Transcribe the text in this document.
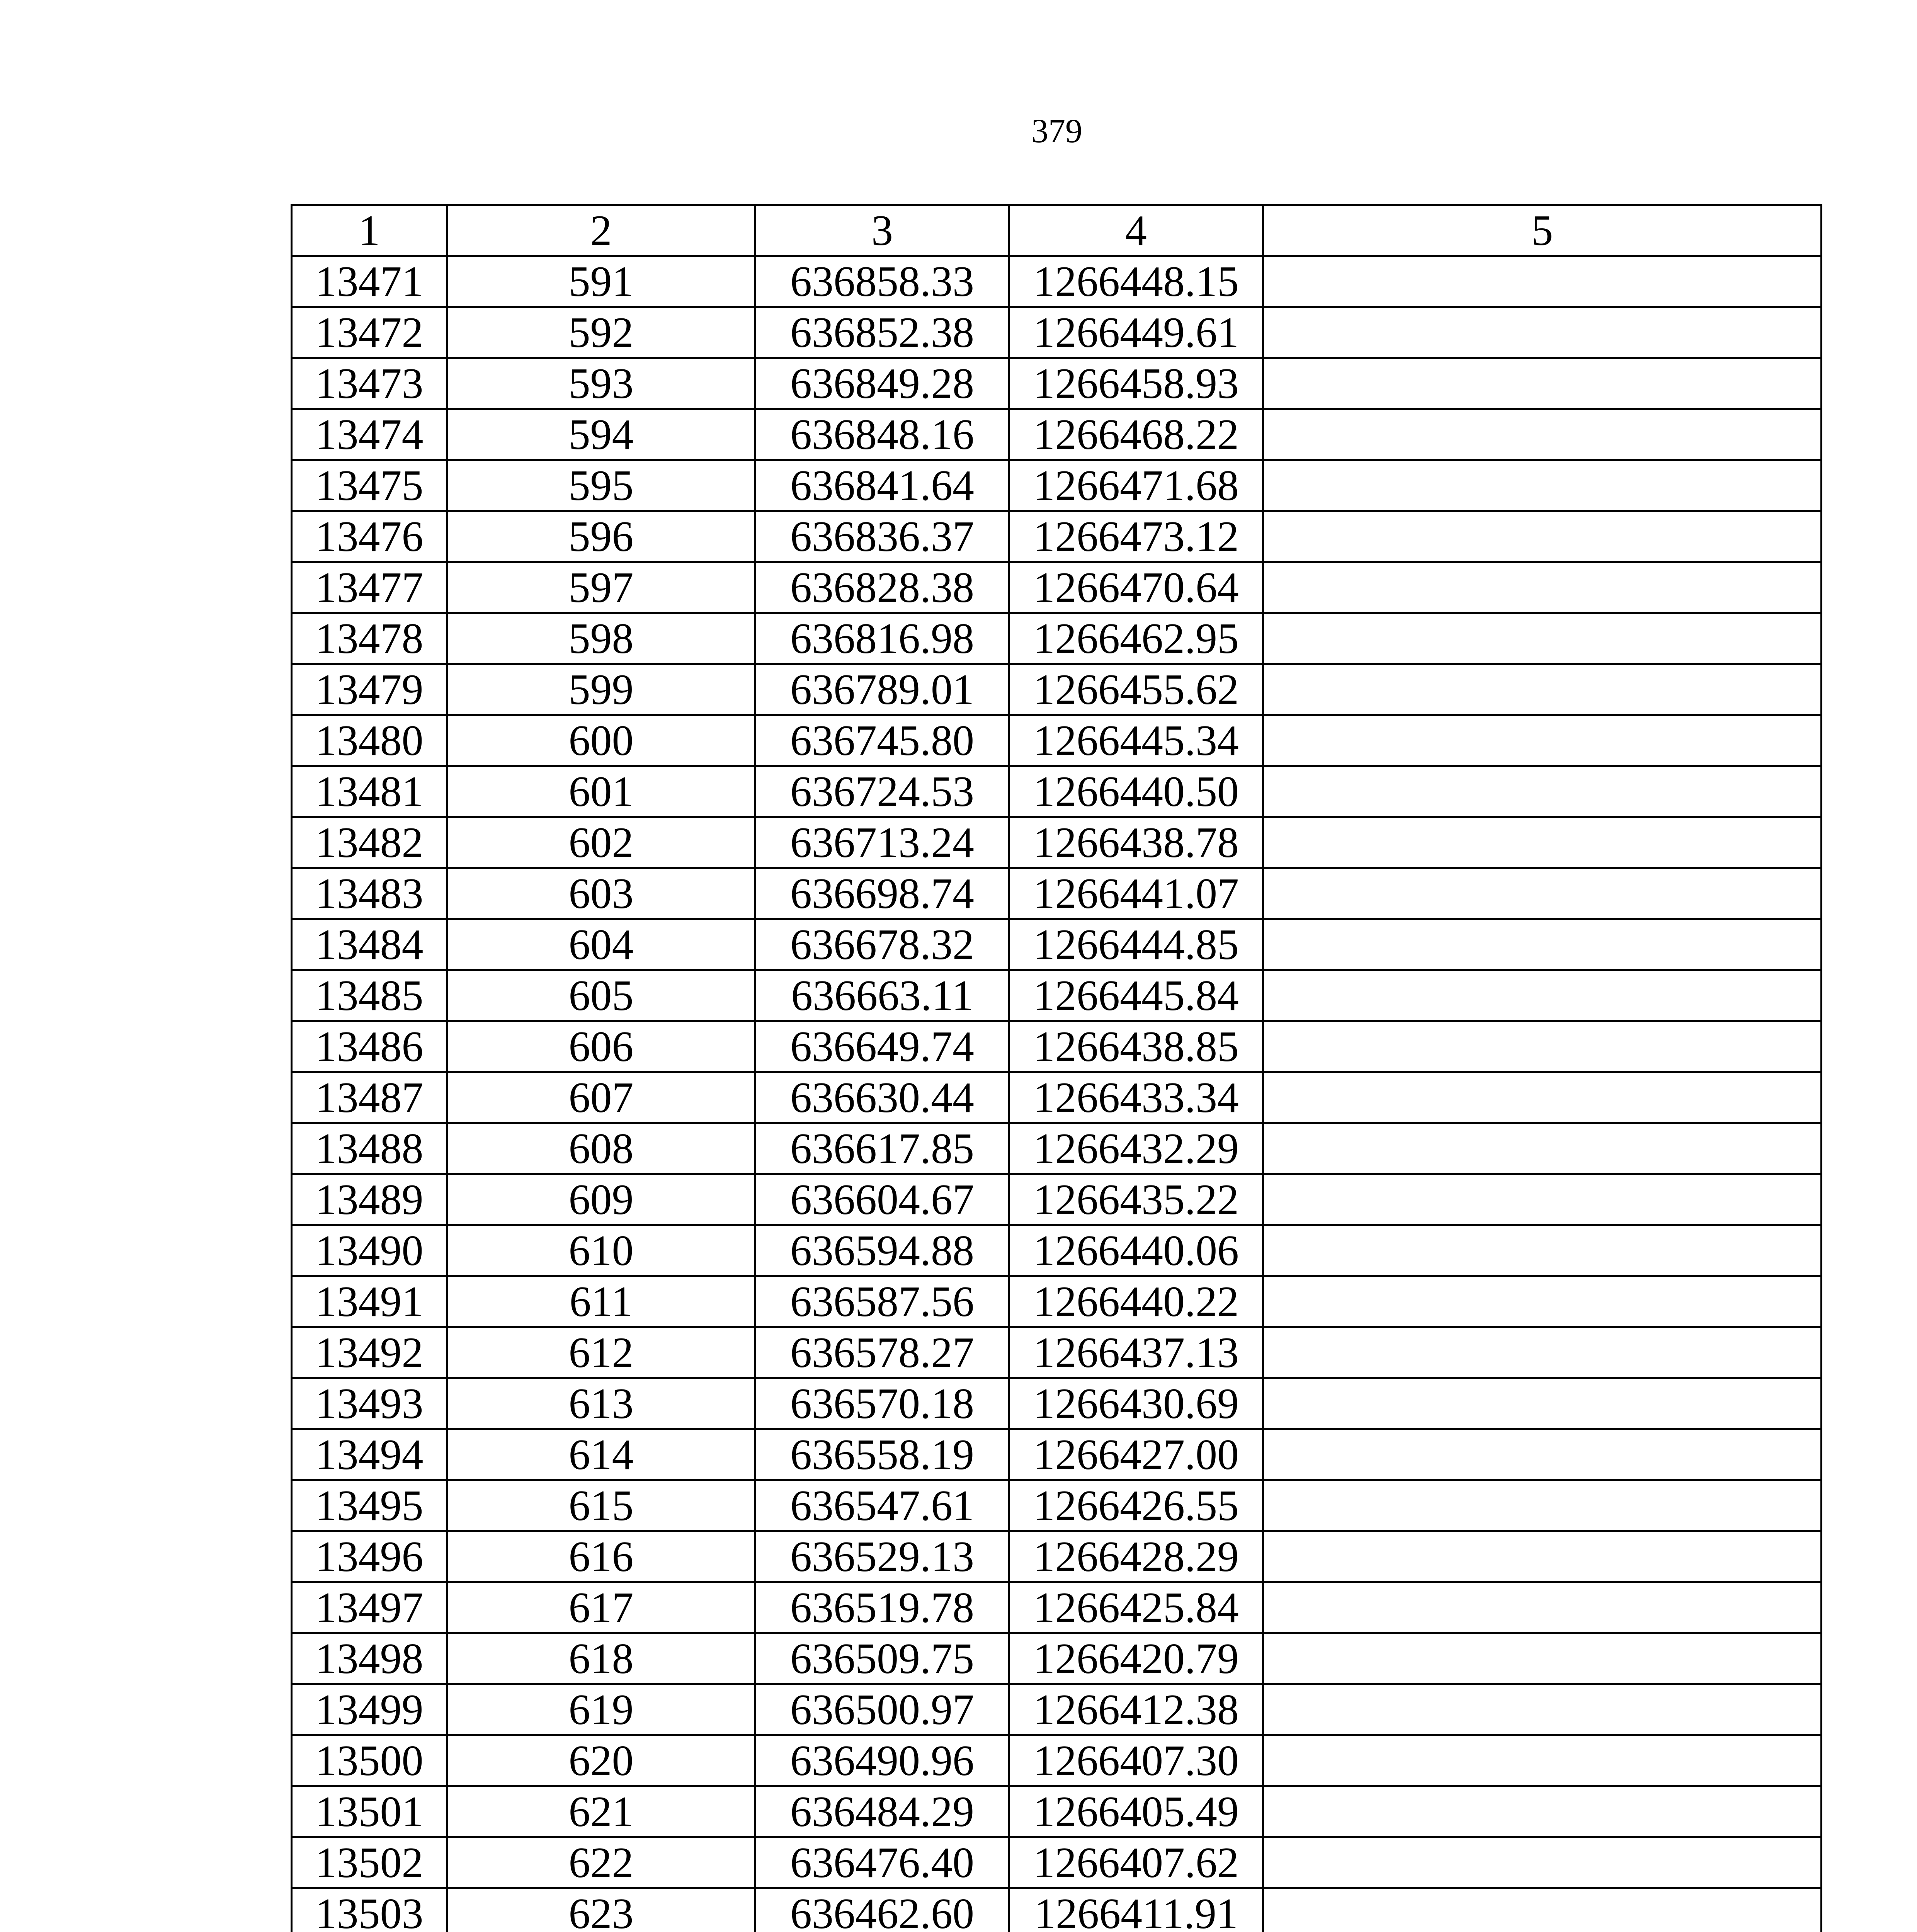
379
1	2	3	4	5
13471	591	636858.33	1266448.15	
13472	592	636852.38	1266449.61	
13473	593	636849.28	1266458.93	
13474	594	636848.16	1266468.22	
13475	595	636841.64	1266471.68	
13476	596	636836.37	1266473.12	
13477	597	636828.38	1266470.64	
13478	598	636816.98	1266462.95	
13479	599	636789.01	1266455.62	
13480	600	636745.80	1266445.34	
13481	601	636724.53	1266440.50	
13482	602	636713.24	1266438.78	
13483	603	636698.74	1266441.07	
13484	604	636678.32	1266444.85	
13485	605	636663.11	1266445.84	
13486	606	636649.74	1266438.85	
13487	607	636630.44	1266433.34	
13488	608	636617.85	1266432.29	
13489	609	636604.67	1266435.22	
13490	610	636594.88	1266440.06	
13491	611	636587.56	1266440.22	
13492	612	636578.27	1266437.13	
13493	613	636570.18	1266430.69	
13494	614	636558.19	1266427.00	
13495	615	636547.61	1266426.55	
13496	616	636529.13	1266428.29	
13497	617	636519.78	1266425.84	
13498	618	636509.75	1266420.79	
13499	619	636500.97	1266412.38	
13500	620	636490.96	1266407.30	
13501	621	636484.29	1266405.49	
13502	622	636476.40	1266407.62	
13503	623	636462.60	1266411.91	
